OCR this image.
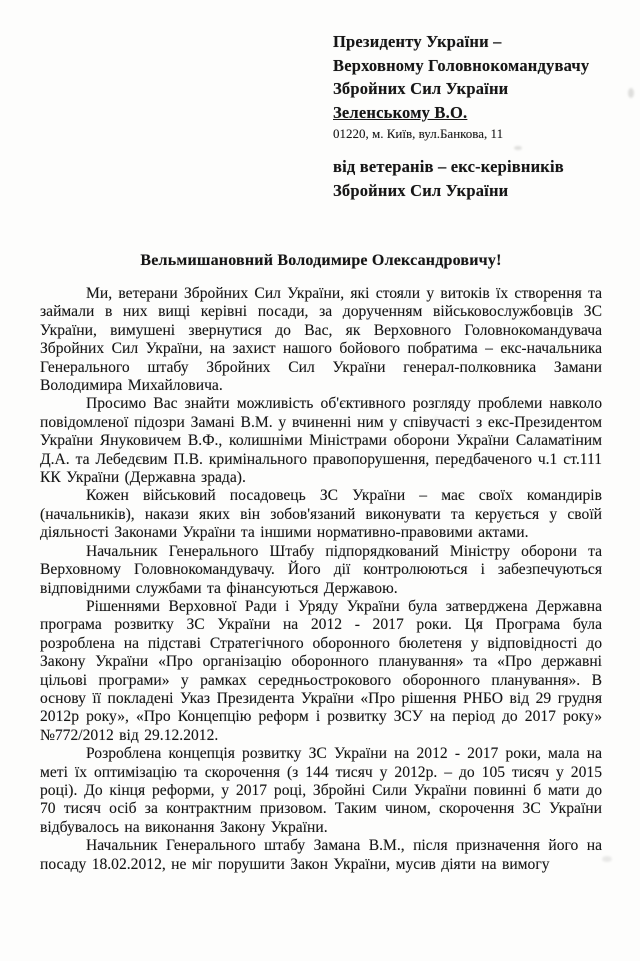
Президенту України –
Верховному Головнокомандувачу
Збройних Сил України
Зеленському В.О.
01220, м. Київ, вул.Банкова, 11
від ветеранів – екс-керівників
Збройних Сил України
Вельмишановний Володимире Олександровичу!

Ми, ветерани Збройних Сил України, які стояли у витоків їх створення та займали в них вищі керівні посади, за дорученням військовослужбовців ЗС України, вимушені звернутися до Вас, як Верховного Головнокомандувача Збройних Сил України, на захист нашого бойового побратима – екс-начальника Генерального штабу Збройних Сил України генерал-полковника Замани Володимира Михайловича.

Просимо Вас знайти можливість об'єктивного розгляду проблеми навколо повідомленої підозри Замані В.М. у вчиненні ним у співучасті з екс-Президентом України Януковичем В.Ф., колишніми Міністрами оборони України Саламатіним Д.А. та Лебедєвим П.В. кримінального правопорушення, передбаченого ч.1 ст.111 КК України (Державна зрада).

Кожен військовий посадовець ЗС України – має своїх командирів (начальників), накази яких він зобов'язаний виконувати та керується у своїй діяльності Законами України та іншими нормативно-правовими актами.

Начальник Генерального Штабу підпорядкований Міністру оборони та Верховному Головнокомандувачу. Його дії контролюються і забезпечуються відповідними службами та фінансуються Державою.

Рішеннями Верховної Ради і Уряду України була затверджена Державна програма розвитку ЗС України на 2012 - 2017 роки. Ця Програма була розроблена на підставі Стратегічного оборонного бюлетеня у відповідності до Закону України «Про організацію оборонного планування» та «Про державні цільові програми» у рамках середньострокового оборонного планування». В основу її покладені Указ Президента України «Про рішення РНБО від 29 грудня 2012р року», «Про Концепцію реформ і розвитку ЗСУ на період до 2017 року» №772/2012 від 29.12.2012.

Розроблена концепція розвитку ЗС України на 2012 - 2017 роки, мала на меті їх оптимізацію та скорочення (з 144 тисяч у 2012р. – до 105 тисяч у 2015 році). До кінця реформи, у 2017 році, Збройні Сили України повинні б мати до 70 тисяч осіб за контрактним призовом. Таким чином, скорочення ЗС України відбувалось на виконання Закону України.

Начальник Генерального штабу Замана В.М., після призначення його на посаду 18.02.2012, не міг порушити Закон України, мусив діяти на вимогу
